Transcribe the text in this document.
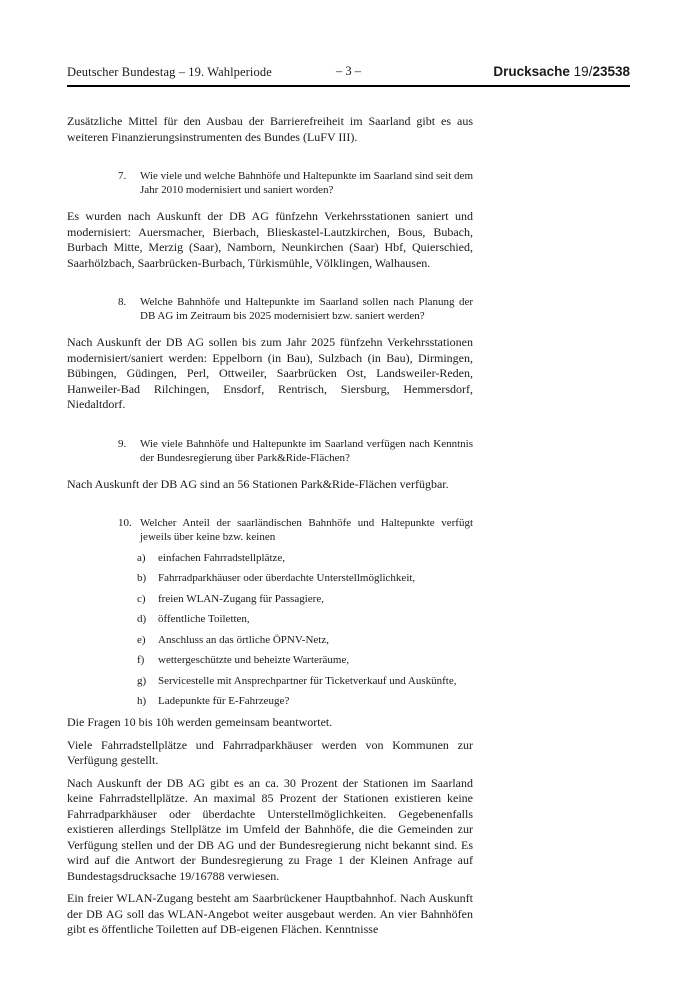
Deutscher Bundestag – 19. Wahlperiode	– 3 –	Drucksache 19/23538

Zusätzliche Mittel für den Ausbau der Barrierefreiheit im Saarland gibt es aus weiteren Finanzierungsinstrumenten des Bundes (LuFV III).

7.	Wie viele und welche Bahnhöfe und Haltepunkte im Saarland sind seit dem Jahr 2010 modernisiert und saniert worden?

Es wurden nach Auskunft der DB AG fünfzehn Verkehrsstationen saniert und modernisiert: Auersmacher, Bierbach, Blieskastel-Lautzkirchen, Bous, Bubach, Burbach Mitte, Merzig (Saar), Namborn, Neunkirchen (Saar) Hbf, Quierschied, Saarhölzbach, Saarbrücken-Burbach, Türkismühle, Völklingen, Walhausen.

8.	Welche Bahnhöfe und Haltepunkte im Saarland sollen nach Planung der DB AG im Zeitraum bis 2025 modernisiert bzw. saniert werden?

Nach Auskunft der DB AG sollen bis zum Jahr 2025 fünfzehn Verkehrsstationen modernisiert/saniert werden: Eppelborn (in Bau), Sulzbach (in Bau), Dirmingen, Bübingen, Güdingen, Perl, Ottweiler, Saarbrücken Ost, Landsweiler-Reden, Hanweiler-Bad Rilchingen, Ensdorf, Rentrisch, Siersburg, Hemmersdorf, Niedaltdorf.

9.	Wie viele Bahnhöfe und Haltepunkte im Saarland verfügen nach Kenntnis der Bundesregierung über Park&Ride-Flächen?

Nach Auskunft der DB AG sind an 56 Stationen Park&Ride-Flächen verfügbar.

10. Welcher Anteil der saarländischen Bahnhöfe und Haltepunkte verfügt jeweils über keine bzw. keinen
a)	einfachen Fahrradstellplätze,
b)	Fahrradparkhäuser oder überdachte Unterstellmöglichkeit,
c)	freien WLAN-Zugang für Passagiere,
d)	öffentliche Toiletten,
e)	Anschluss an das örtliche ÖPNV-Netz,
f)	wettergeschützte und beheizte Warteräume,
g)	Servicestelle mit Ansprechpartner für Ticketverkauf und Auskünfte,
h)	Ladepunkte für E-Fahrzeuge?

Die Fragen 10 bis 10h werden gemeinsam beantwortet.

Viele Fahrradstellplätze und Fahrradparkhäuser werden von Kommunen zur Verfügung gestellt.

Nach Auskunft der DB AG gibt es an ca. 30 Prozent der Stationen im Saarland keine Fahrradstellplätze. An maximal 85 Prozent der Stationen existieren keine Fahrradparkhäuser oder überdachte Unterstellmöglichkeiten. Gegebenenfalls existieren allerdings Stellplätze im Umfeld der Bahnhöfe, die die Gemeinden zur Verfügung stellen und der DB AG und der Bundesregierung nicht bekannt sind. Es wird auf die Antwort der Bundesregierung zu Frage 1 der Kleinen Anfrage auf Bundestagsdrucksache 19/16788 verwiesen.

Ein freier WLAN-Zugang besteht am Saarbrückener Hauptbahnhof. Nach Auskunft der DB AG soll das WLAN-Angebot weiter ausgebaut werden. An vier Bahnhöfen gibt es öffentliche Toiletten auf DB-eigenen Flächen. Kenntnisse
